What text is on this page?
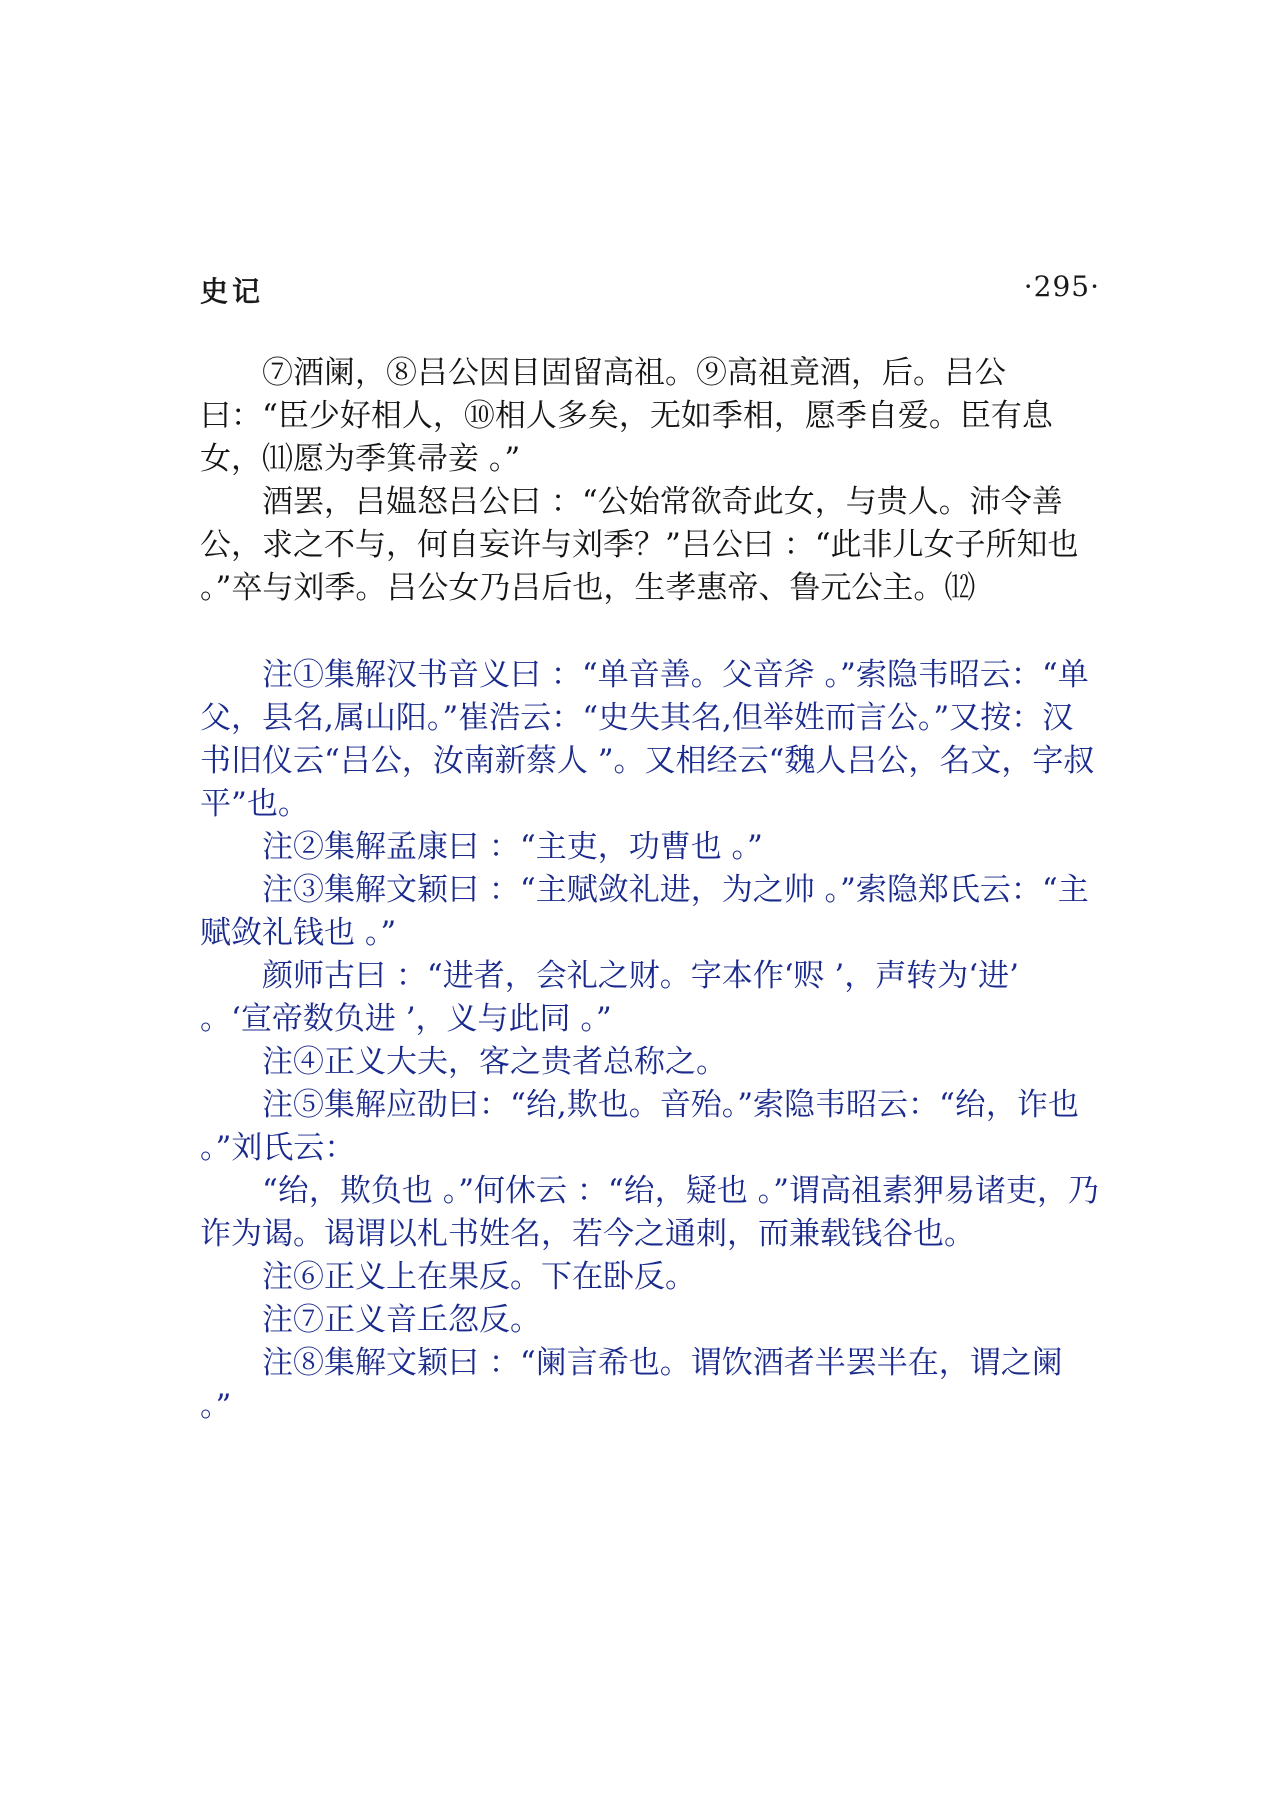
史记	·295·

⑦酒阑，⑧吕公因目固留高祖。⑨高祖竟酒，后。吕公曰：“臣少好相人，⑩相人多矣，无如季相，愿季自爱。臣有息女，⑾愿为季箕帚妾 。”

酒罢，吕媪怒吕公曰 ：“公始常欲奇此女，与贵人。沛令善公，求之不与，何自妄许与刘季？”吕公曰 ：“此非儿女子所知也 。”卒与刘季。吕公女乃吕后也，生孝惠帝、鲁元公主。⑿

注①集解汉书音义曰 ：“单音善。父音斧 。”索隐韦昭云：“单父，县名,属山阳。”崔浩云：“史失其名,但举姓而言公。”又按：汉书旧仪云“吕公，汝南新蔡人 ”。又相经云“魏人吕公，名文，字叔平”也。

注②集解孟康曰 ：“主吏，功曹也 。”

注③集解文颖曰 ：“主赋敛礼进，为之帅 。”索隐郑氏云：“主赋敛礼钱也 。”

颜师古曰 ：“进者，会礼之财。字本作‘赆 ’，声转为‘进’ 。‘宣帝数负进 ’，义与此同 。”

注④正义大夫，客之贵者总称之。

注⑤集解应劭曰：“绐,欺也。音殆。”索隐韦昭云：“绐，诈也 。”刘氏云：

“绐，欺负也 。”何休云 ：“绐，疑也 。”谓高祖素狎易诸吏，乃诈为谒。谒谓以札书姓名，若今之通刺，而兼载钱谷也。

注⑥正义上在果反。下在卧反。

注⑦正义音丘忽反。

注⑧集解文颖曰 ：“阑言希也。谓饮酒者半罢半在，谓之阑 。”
